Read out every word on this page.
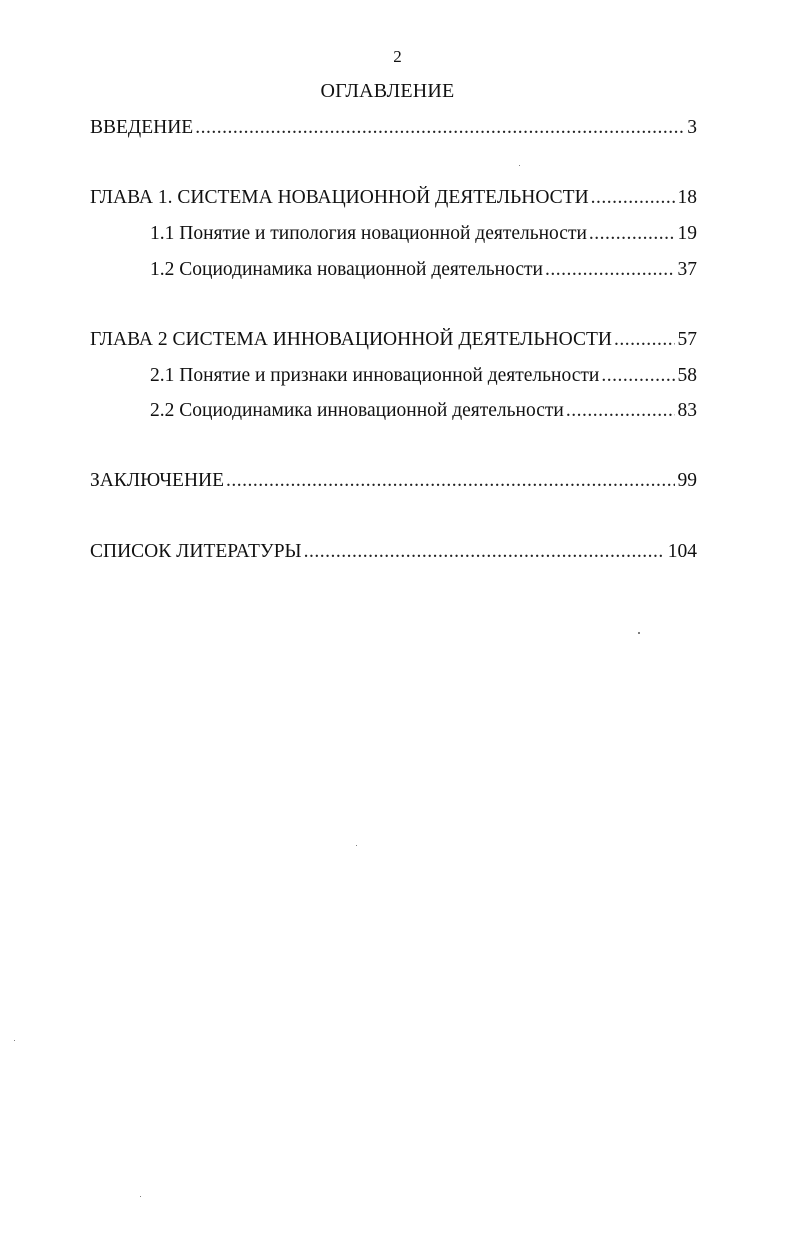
2
ОГЛАВЛЕНИЕ
ВВЕДЕНИЕ .....	3
ГЛАВА 1. СИСТЕМА НОВАЦИОННОЙ ДЕЯТЕЛЬНОСТИ .....	18
1.1 Понятие и типология новационной деятельности .....	19
1.2 Социодинамика новационной деятельности .....	37
ГЛАВА 2 СИСТЕМА ИННОВАЦИОННОЙ ДЕЯТЕЛЬНОСТИ .....	57
2.1 Понятие и признаки инновационной деятельности .....	58
2.2 Социодинамика инновационной деятельности .....	83
ЗАКЛЮЧЕНИЕ .....	99
СПИСОК ЛИТЕРАТУРЫ .....	104
